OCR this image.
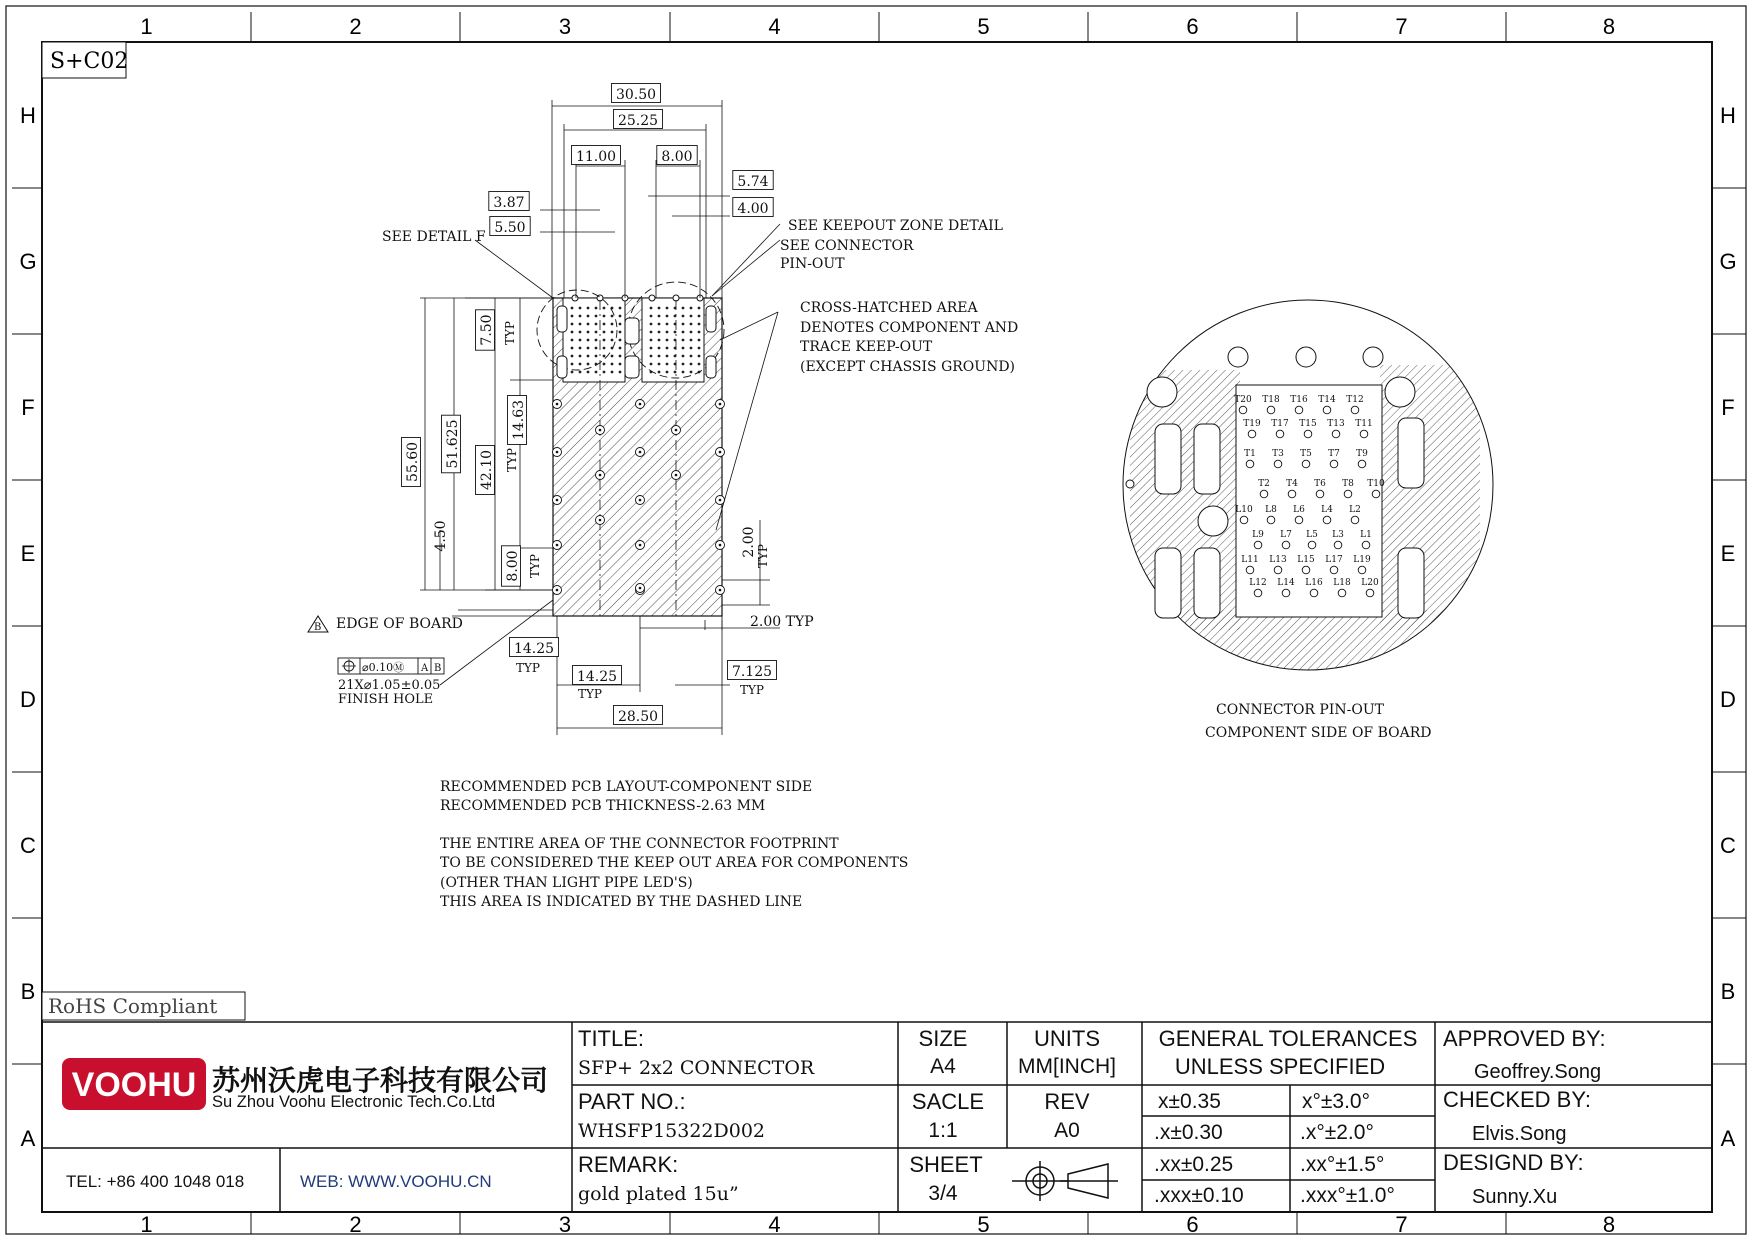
1	2	3	4	5	6	7	8
1	2	3	4	5	6	7	8
H
G
F
E
D
C
B
A
H
G
F
E
D
C
B
A
S+C02
RoHS Compliant
30.50
25.25
11.00	8.00
5.74
4.00
3.87
5.50
7.50
14.63
55.60 51.625
42.10
4.50
8.00
2.00
14.25
14.25	7.125
28.50
TYP
TYP
TYP	TYP
TYP
TYP	TYP
2.00 TYP
SEE DETAIL F
SEE KEEPOUT ZONE DETAIL
SEE CONNECTOR
PIN-OUT
CROSS-HATCHED AREA
DENOTES COMPONENT AND
TRACE KEEP-OUT
(EXCEPT CHASSIS GROUND)
B EDGE OF BOARD
⌀0.10Ⓜ A B
21X⌀1.05±0.05
FINISH HOLE
T20 T18 T16 T14 T12
T19 T17 T15 T13 T11
T1 T3 T5 T7 T9
T2 T4 T6 T8 T10
L10 L8 L6 L4 L2
L9 L7 L5 L3 L1
L11 L13 L15 L17 L19
L12 L14 L16 L18 L20
CONNECTOR PIN-OUT
COMPONENT SIDE OF BOARD
RECOMMENDED PCB LAYOUT-COMPONENT SIDE
RECOMMENDED PCB THICKNESS-2.63 MM
THE ENTIRE AREA OF THE CONNECTOR FOOTPRINT
TO BE CONSIDERED THE KEEP OUT AREA FOR COMPONENTS
(OTHER THAN LIGHT PIPE LED'S)
THIS AREA IS INDICATED BY THE DASHED LINE
VOOHU 苏州沃虎电子科技有限公司
Su Zhou Voohu Electronic Tech.Co.Ltd
TEL: +86 400 1048 018	WEB: WWW.VOOHU.CN
TITLE:
SFP+ 2x2 CONNECTOR
PART NO.:
WHSFP15322D002
REMARK:
gold plated 15u”
SIZE
A4
UNITS
MM[INCH]
SACLE
1:1
REV
A0
SHEET
3/4
GENERAL TOLERANCES
UNLESS SPECIFIED
x±0.35	x°±3.0°
.x±0.30	.x°±2.0°
.xx±0.25	.xx°±1.5°
.xxx±0.10	.xxx°±1.0°
APPROVED BY:
Geoffrey.Song
CHECKED BY:
Elvis.Song
DESIGND BY:
Sunny.Xu
